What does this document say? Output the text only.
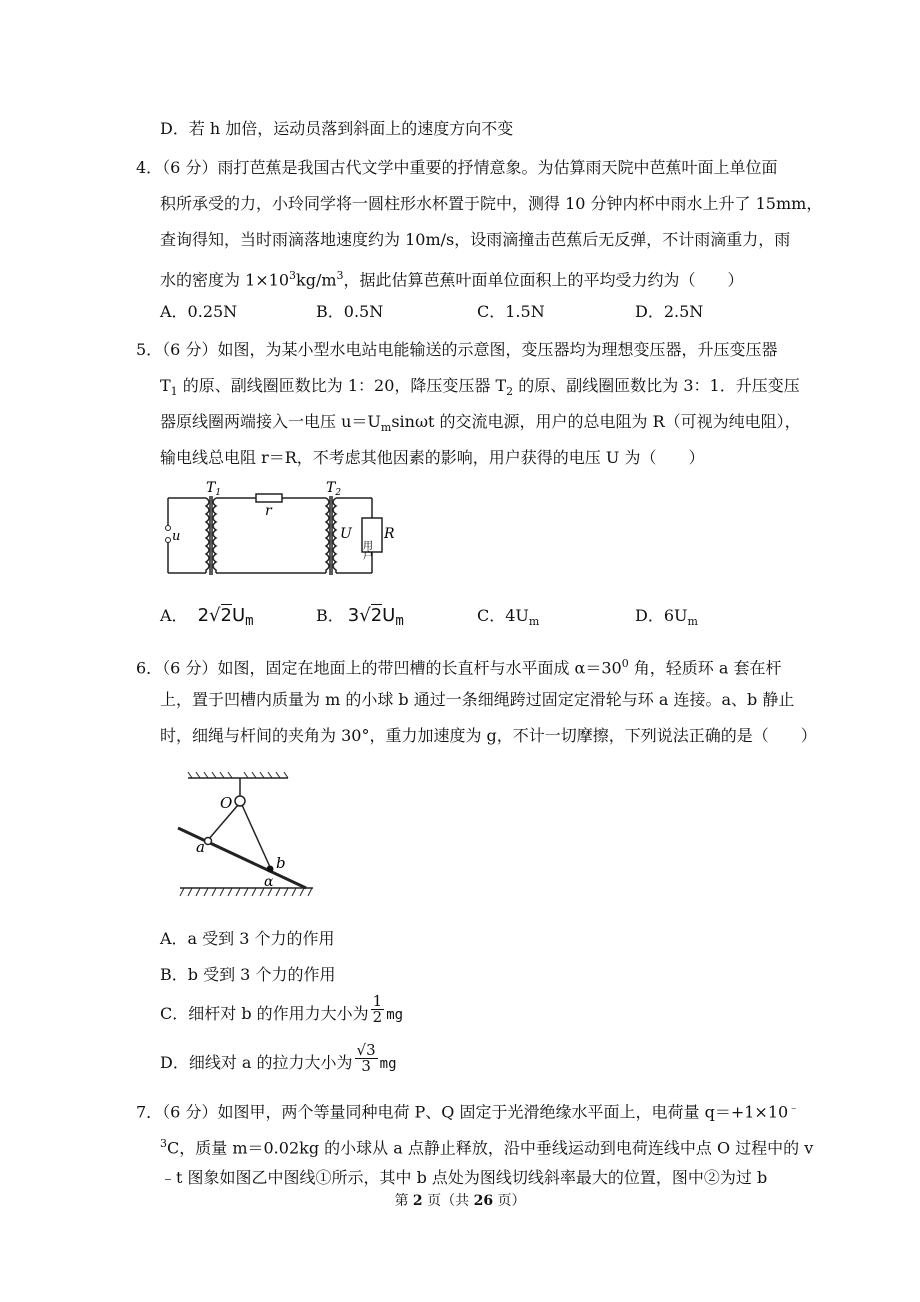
D．若 h 加倍，运动员落到斜面上的速度方向不变
4．（6 分）雨打芭蕉是我国古代文学中重要的抒情意象。为估算雨天院中芭蕉叶面上单位面
积所承受的力，小玲同学将一圆柱形水杯置于院中，测得 10 分钟内杯中雨水上升了 15mm，
查询得知，当时雨滴落地速度约为 10m/s，设雨滴撞击芭蕉后无反弹，不计雨滴重力，雨
水的密度为 $1\times 10^3kg/m^3$，据此估算芭蕉叶面单位面积上的平均受力约为（　　）
A．0.25N	B．0.5N	C．1.5N	D．2.5N
5．（6 分）如图，为某小型水电站电能输送的示意图，变压器均为理想变压器，升压变压器
$T_1$ 的原、副线圈匝数比为 1：20，降压变压器 $T_2$ 的原、副线圈匝数比为 3：1．升压变压
器原线圈两端接入一电压 $u=U_m\sin\omega t$ 的交流电源，用户的总电阻为 R（可视为纯电阻），
输电线总电阻 r＝R，不考虑其他因素的影响，用户获得的电压 U 为（　　）
$T_1$	$T_2$
r
u	U
用户
R
A． $2√2U_m$	B． $3√2U_m$	C．$4U_m$	D．$6U_m$
6．（6 分）如图，固定在地面上的带凹槽的长直杆与水平面成 $\alpha=30^0$ 角，轻质环 a 套在杆
上，置于凹槽内质量为 m 的小球 b 通过一条细绳跨过固定定滑轮与环 a 连接。a、b 静止
时，细绳与杆间的夹角为 30°，重力加速度为 g，不计一切摩擦，下列说法正确的是（　　）
O
a
b
α
A．a 受到 3 个力的作用
B．b 受到 3 个力的作用
C．细杆对 b 的作用力大小为 $\frac{1}{2}$ mg
D．细线对 a 的拉力大小为 $\frac{√3}{3}$ mg
7．（6 分）如图甲，两个等量同种电荷 P、Q 固定于光滑绝缘水平面上，电荷量 q＝+1×10﹣
$^3$C，质量 m＝0.02kg 的小球从 a 点静止释放，沿中垂线运动到电荷连线中点 O 过程中的 v
﹣t 图象如图乙中图线①所示，其中 b 点处为图线切线斜率最大的位置，图中②为过 b
第 2 页（共 26 页）
